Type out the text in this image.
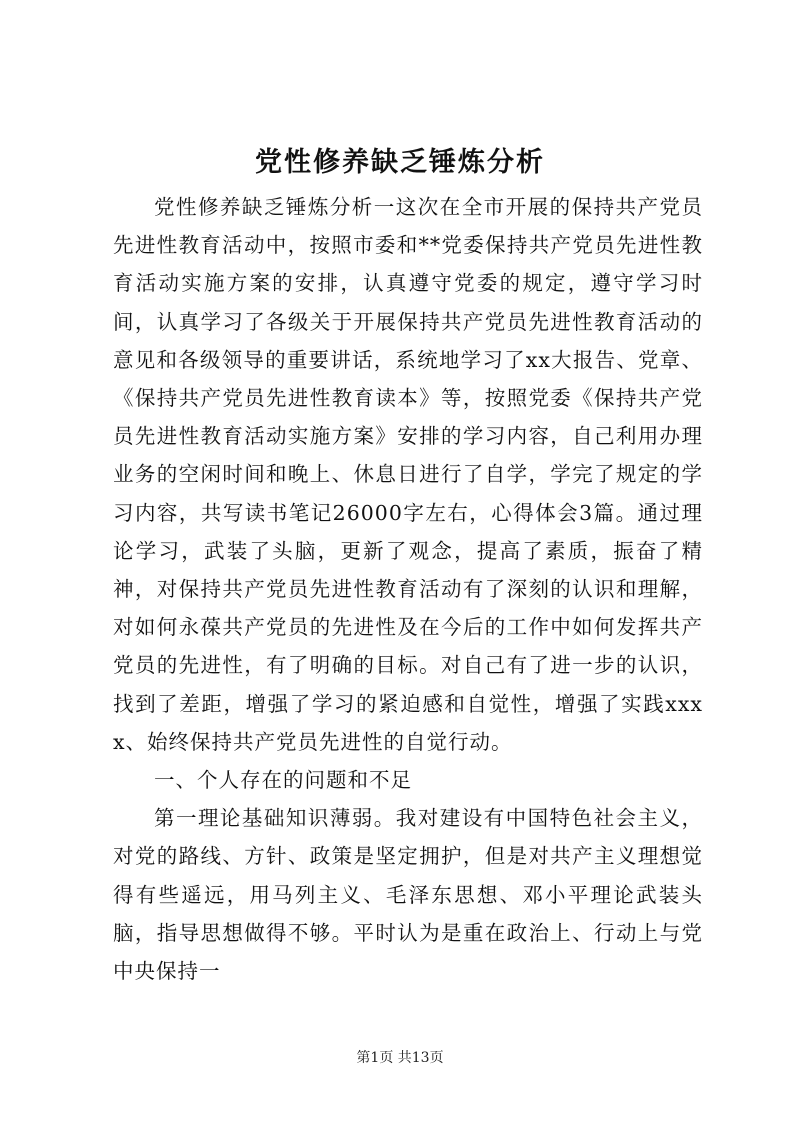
党性修养缺乏锤炼分析

党性修养缺乏锤炼分析一这次在全市开展的保持共产党员先进性教育活动中，按照市委和**党委保持共产党员先进性教育活动实施方案的安排，认真遵守党委的规定，遵守学习时间，认真学习了各级关于开展保持共产党员先进性教育活动的意见和各级领导的重要讲话，系统地学习了xx大报告、党章、《保持共产党员先进性教育读本》等，按照党委《保持共产党员先进性教育活动实施方案》安排的学习内容，自己利用办理业务的空闲时间和晚上、休息日进行了自学，学完了规定的学习内容，共写读书笔记26000字左右，心得体会3篇。通过理论学习，武装了头脑，更新了观念，提高了素质，振奋了精神，对保持共产党员先进性教育活动有了深刻的认识和理解，对如何永葆共产党员的先进性及在今后的工作中如何发挥共产党员的先进性，有了明确的目标。对自己有了进一步的认识，找到了差距，增强了学习的紧迫感和自觉性，增强了实践xxxx、始终保持共产党员先进性的自觉行动。

一、个人存在的问题和不足

第一理论基础知识薄弱。我对建设有中国特色社会主义，对党的路线、方针、政策是坚定拥护，但是对共产主义理想觉得有些遥远，用马列主义、毛泽东思想、邓小平理论武装头脑，指导思想做得不够。平时认为是重在政治上、行动上与党中央保持一

第1页 共13页
